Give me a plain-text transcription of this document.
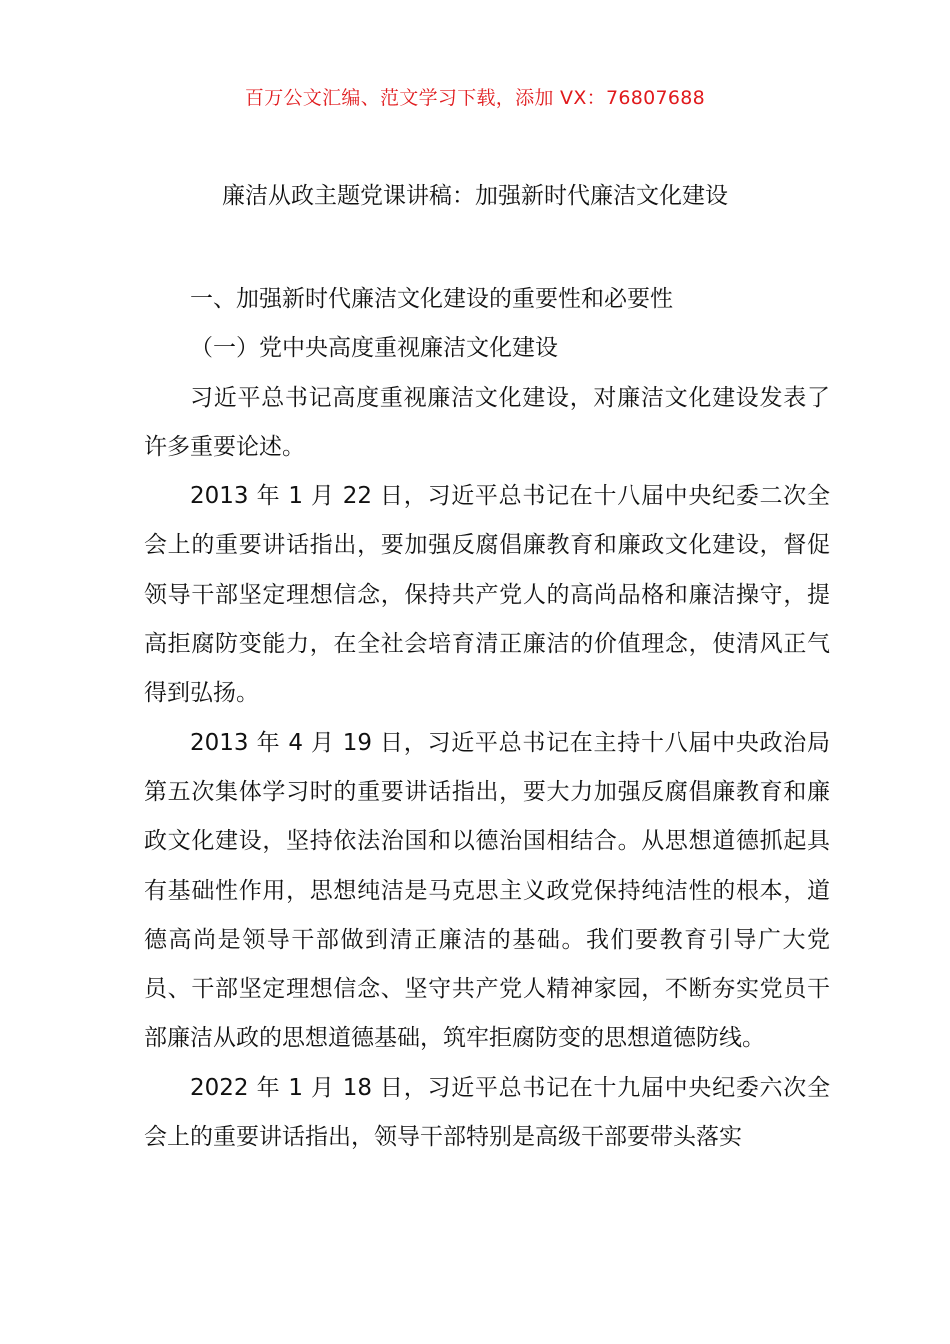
百万公文汇编、范文学习下载，添加 VX：76807688
廉洁从政主题党课讲稿：加强新时代廉洁文化建设

一、加强新时代廉洁文化建设的重要性和必要性

（一）党中央高度重视廉洁文化建设

习近平总书记高度重视廉洁文化建设，对廉洁文化建设发表了许多重要论述。

2013 年 1 月 22 日，习近平总书记在十八届中央纪委二次全会上的重要讲话指出，要加强反腐倡廉教育和廉政文化建设，督促领导干部坚定理想信念，保持共产党人的高尚品格和廉洁操守，提高拒腐防变能力，在全社会培育清正廉洁的价值理念，使清风正气得到弘扬。

2013 年 4 月 19 日，习近平总书记在主持十八届中央政治局第五次集体学习时的重要讲话指出，要大力加强反腐倡廉教育和廉政文化建设，坚持依法治国和以德治国相结合。从思想道德抓起具有基础性作用，思想纯洁是马克思主义政党保持纯洁性的根本，道德高尚是领导干部做到清正廉洁的基础。我们要教育引导广大党员、干部坚定理想信念、坚守共产党人精神家园，不断夯实党员干部廉洁从政的思想道德基础，筑牢拒腐防变的思想道德防线。

2022 年 1 月 18 日，习近平总书记在十九届中央纪委六次全会上的重要讲话指出，领导干部特别是高级干部要带头落实
